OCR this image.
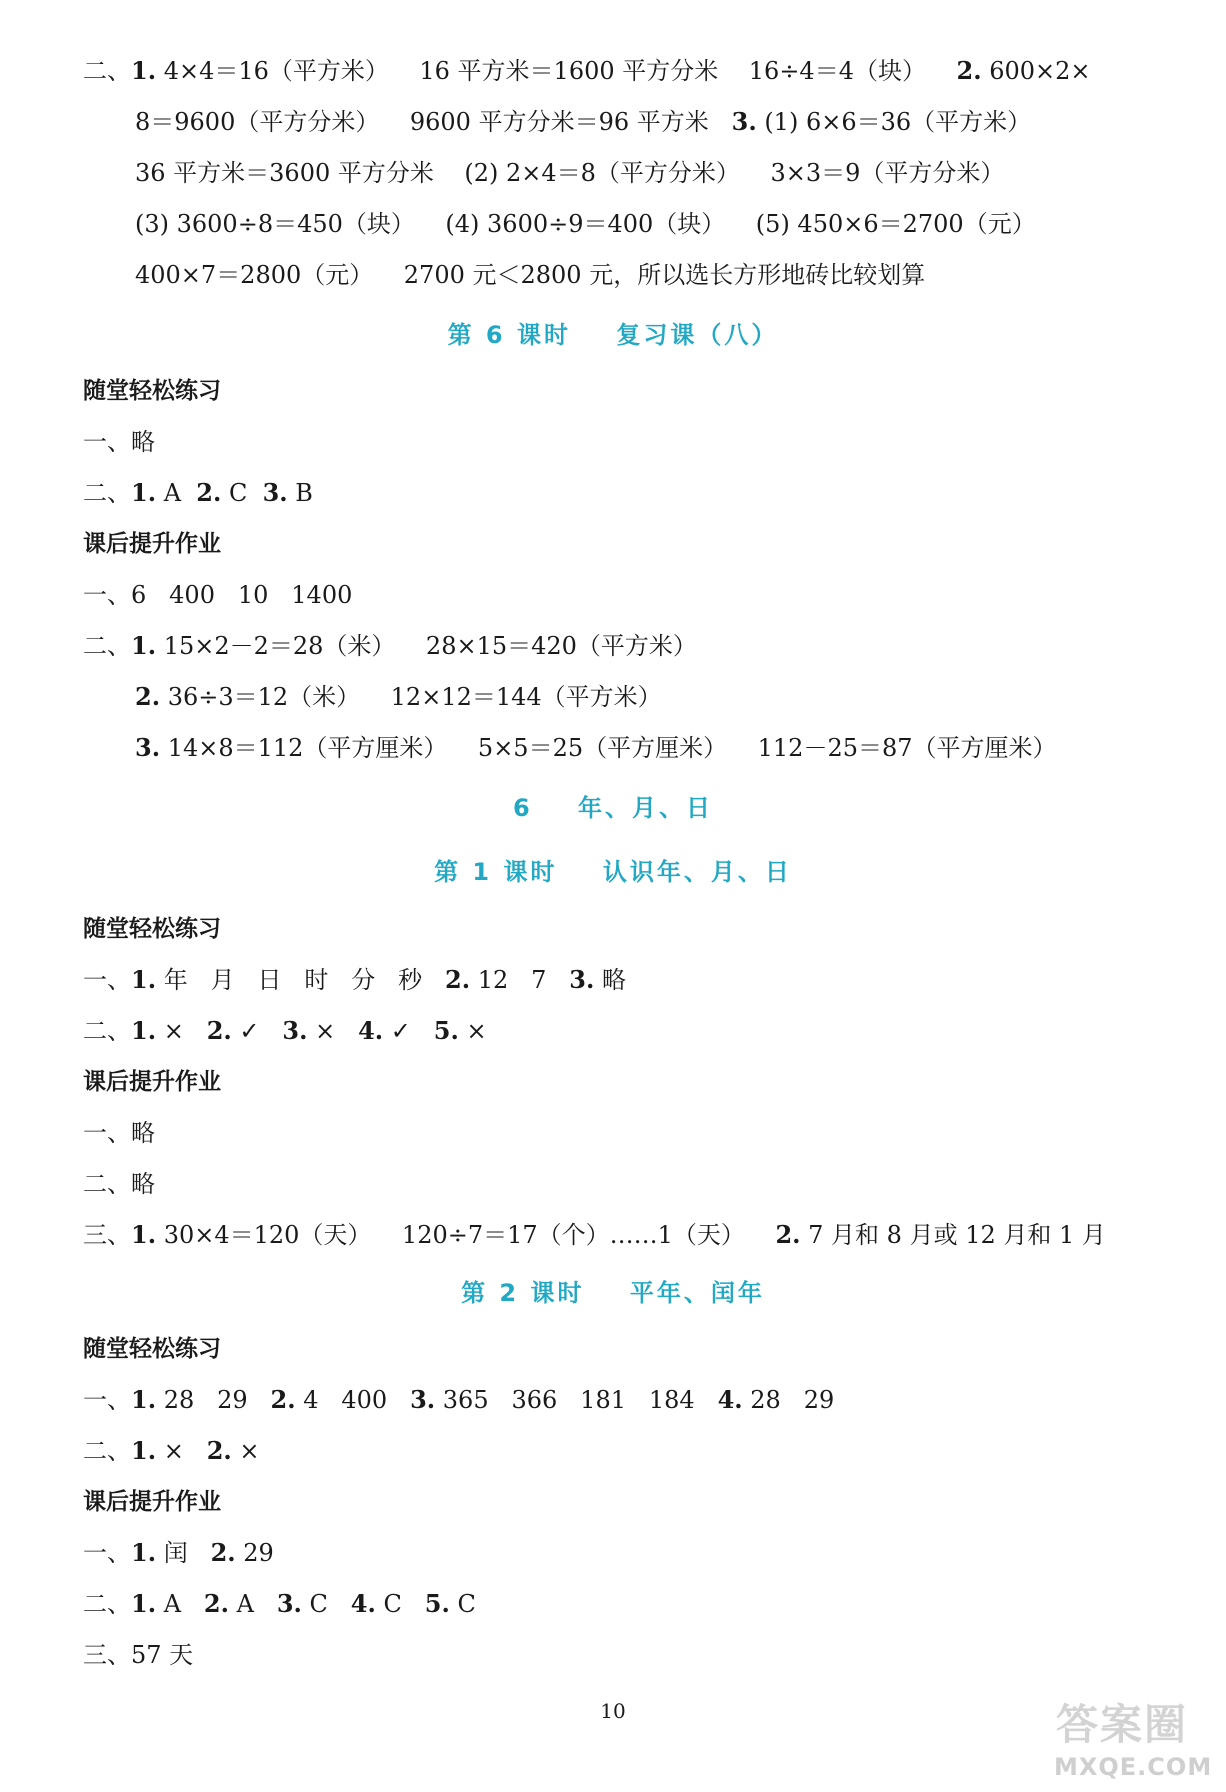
二、1. 4×4＝16（平方米）    16 平方米＝1600 平方分米    16÷4＝4（块）    2. 600×2×
8＝9600（平方分米）    9600 平方分米＝96 平方米   3. (1) 6×6＝36（平方米）
36 平方米＝3600 平方分米    (2) 2×4＝8（平方分米）    3×3＝9（平方分米）
(3) 3600÷8＝450（块）    (4) 3600÷9＝400（块）    (5) 450×6＝2700（元）
400×7＝2800（元）    2700 元＜2800 元，所以选长方形地砖比较划算
第 6 课时    复习课（八）
随堂轻松练习
一、略
二、1. A  2. C  3. B
课后提升作业
一、6   400   10   1400
二、1. 15×2－2＝28（米）    28×15＝420（平方米）
2. 36÷3＝12（米）    12×12＝144（平方米）
3. 14×8＝112（平方厘米）    5×5＝25（平方厘米）    112－25＝87（平方厘米）
6    年、月、日
第 1 课时    认识年、月、日
随堂轻松练习
一、1. 年   月   日   时   分   秒   2. 12   7   3. 略
二、1. ×   2. ✓   3. ×   4. ✓   5. ×
课后提升作业
一、略
二、略
三、1. 30×4＝120（天）    120÷7＝17（个）……1（天）    2. 7 月和 8 月或 12 月和 1 月
第 2 课时    平年、闰年
随堂轻松练习
一、1. 28   29   2. 4   400   3. 365   366   181   184   4. 28   29
二、1. ×   2. ×
课后提升作业
一、1. 闰   2. 29
二、1. A   2. A   3. C   4. C   5. C
三、57 天
10	答案圈
MXQE.COM
